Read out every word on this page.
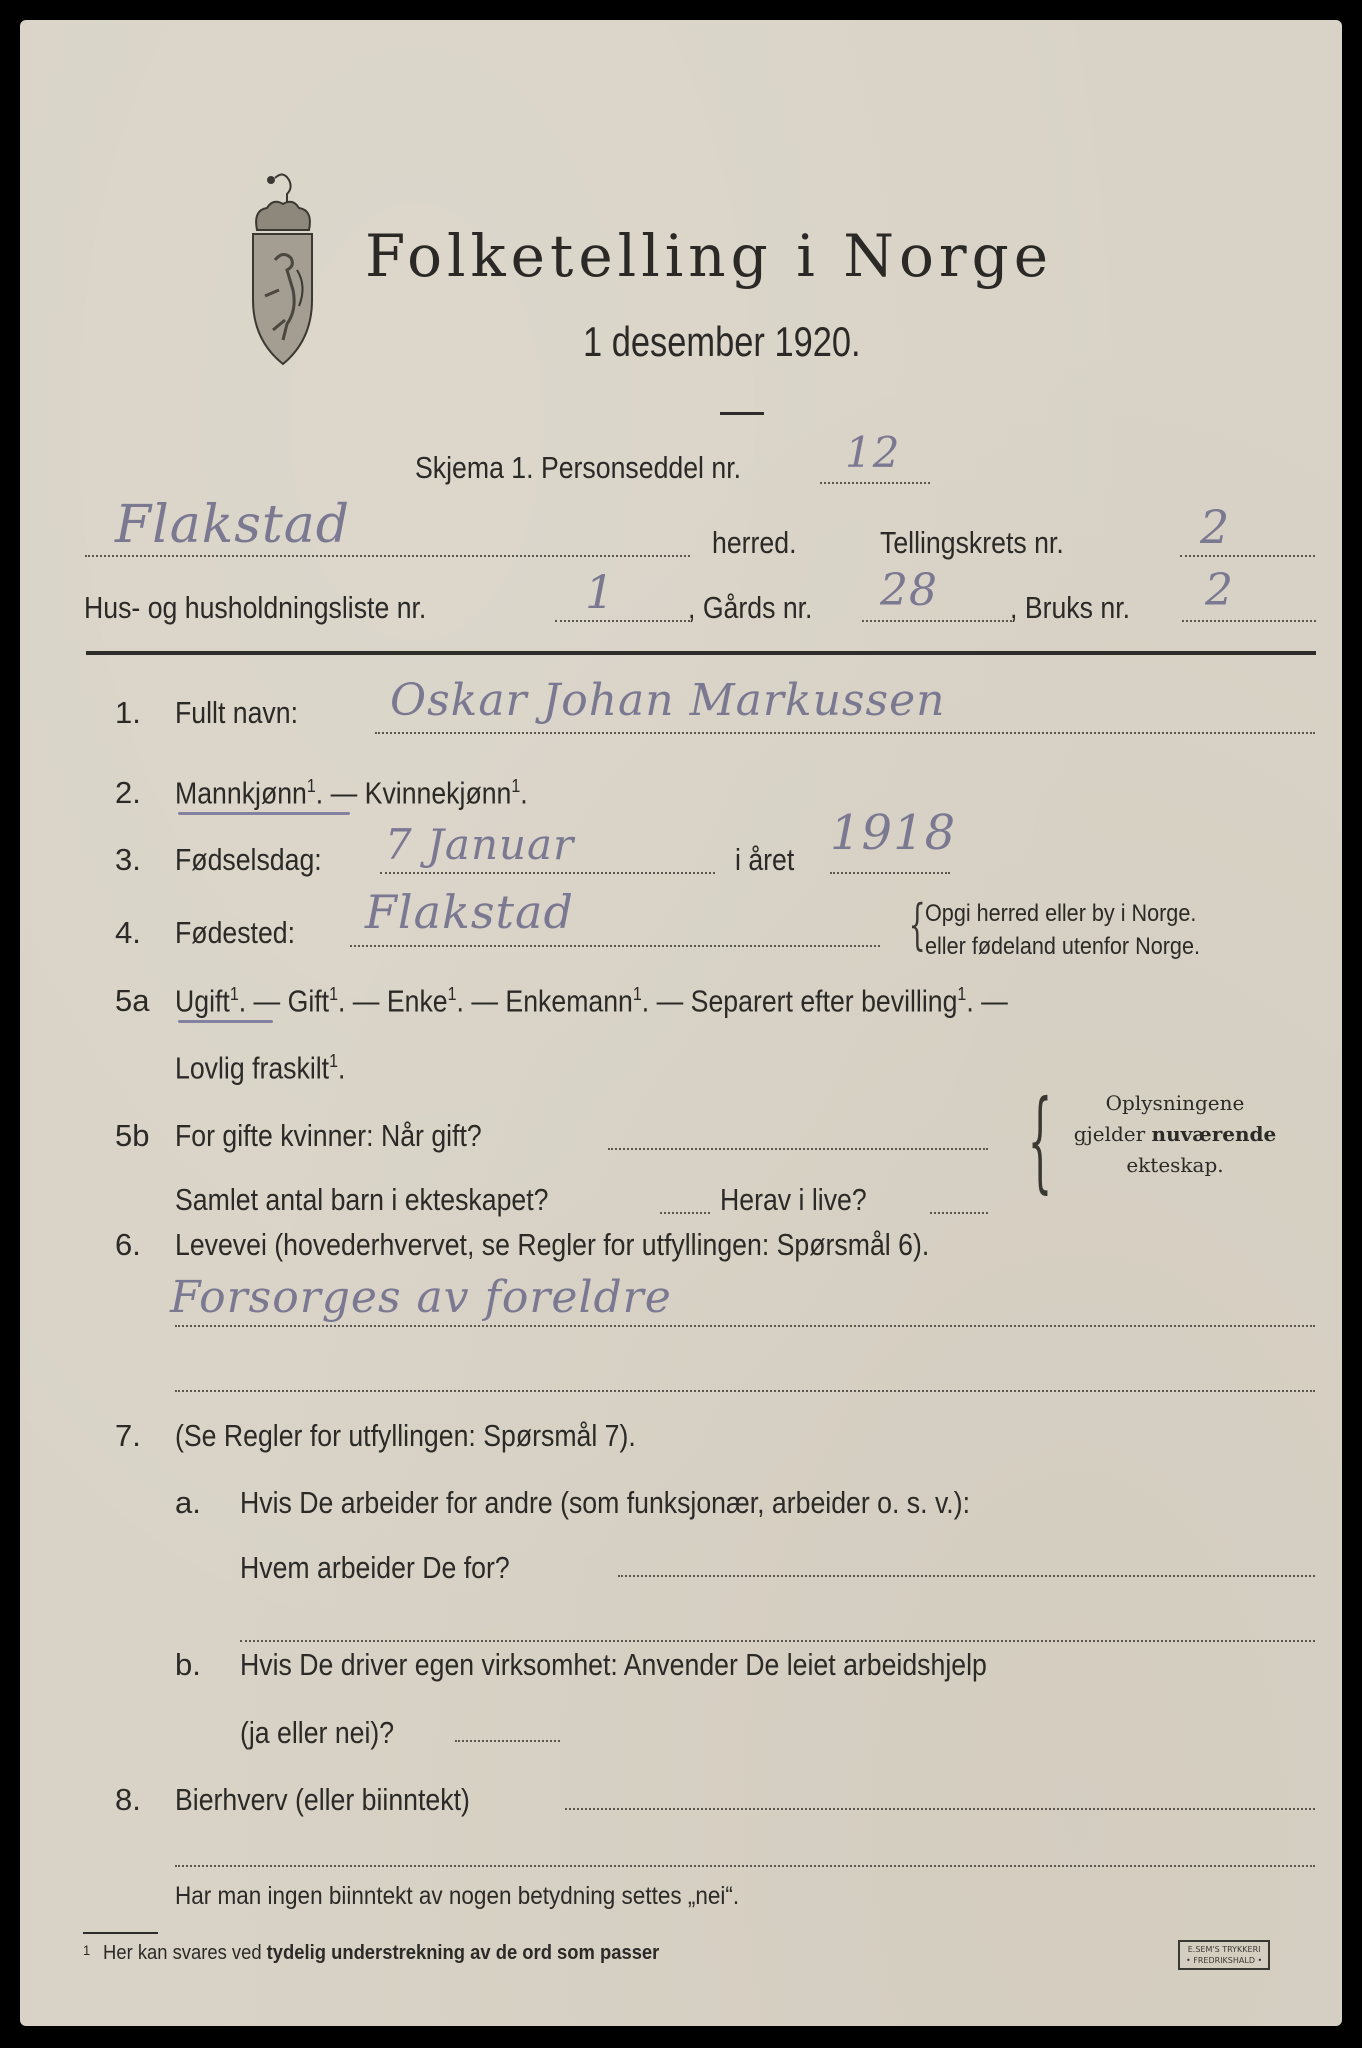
Folketelling i Norge
1 desember 1920.
Skjema 1. Personseddel nr. 12
Flakstad	herred.	Tellingskrets nr.	2
Hus- og husholdningsliste nr.	1 , Gårds nr. 28 , Bruks nr. 2
1. Fullt navn: Oskar Johan Markussen
2. Mannkjønn$^1$. — Kvinnekjønn$^1$.
3. Fødselsdag: 7 Januar	i året 1918
4. Fødested: Flakstad	{ Opgi herred eller by i Norge.
eller fødeland utenfor Norge.
5a Ugift$^1$. — Gift$^1$. — Enke$^1$. — Enkemann$^1$. — Separert efter bevilling$^1$. —
Lovlig fraskilt$^1$.
5b For gifte kvinner: Når gift?
Samlet antal barn i ekteskapet?	Herav i live? {	Oplysningene
gjelder nuværende
ekteskap.
6. Levevei (hovederhvervet, se Regler for utfyllingen: Spørsmål 6).
Forsorges av foreldre
7. (Se Regler for utfyllingen: Spørsmål 7).
a. Hvis De arbeider for andre (som funksjonær, arbeider o. s. v.):
Hvem arbeider De for?
b. Hvis De driver egen virksomhet: Anvender De leiet arbeidshjelp
(ja eller nei)?
8. Bierhverv (eller biinntekt)
Har man ingen biinntekt av nogen betydning settes „nei“.
$^1$ Her kan svares ved tydelig understrekning av de ord som passer	E.SEM'S TRYKKERI
• FREDRIKSHALD •
